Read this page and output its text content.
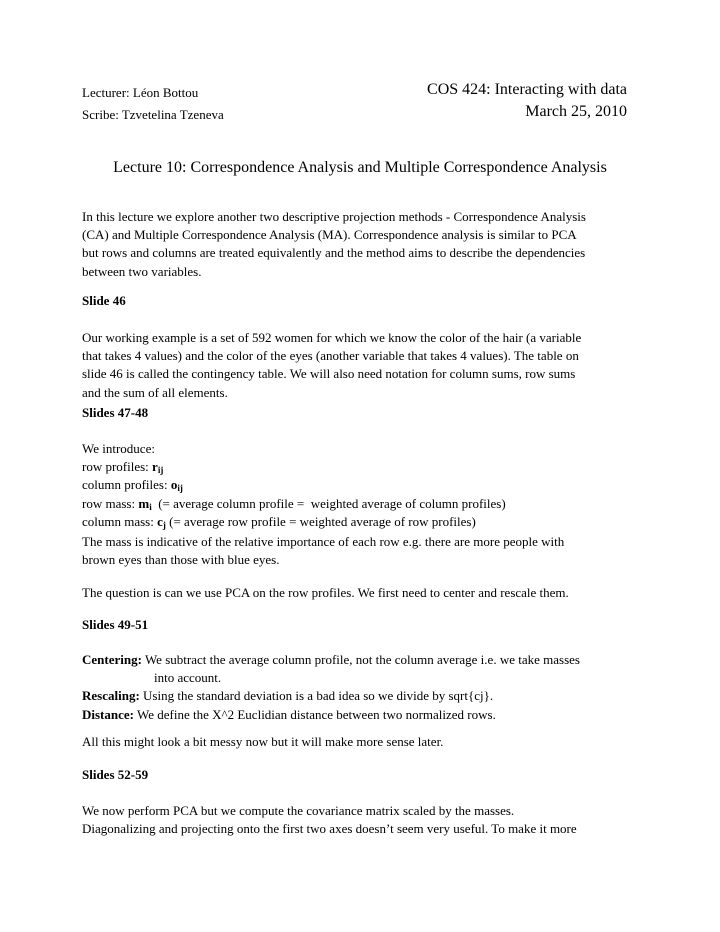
Lecturer: Léon Bottou	COS 424: Interacting with data
Scribe: Tzvetelina Tzeneva	March 25, 2010
Lecture 10: Correspondence Analysis and Multiple Correspondence Analysis
In this lecture we explore another two descriptive projection methods - Correspondence Analysis
(CA) and Multiple Correspondence Analysis (MA). Correspondence analysis is similar to PCA
but rows and columns are treated equivalently and the method aims to describe the dependencies
between two variables.
Slide 46
Our working example is a set of 592 women for which we know the color of the hair (a variable
that takes 4 values) and the color of the eyes (another variable that takes 4 values). The table on
slide 46 is called the contingency table. We will also need notation for column sums, row sums
and the sum of all elements.
Slides 47-48
We introduce:
row profiles: $r_{ij}$
column profiles: $o_{ij}$
row mass: $m_i$  (= average column profile =  weighted average of column profiles)
column mass: $c_j$ (= average row profile = weighted average of row profiles)
The mass is indicative of the relative importance of each row e.g. there are more people with
brown eyes than those with blue eyes.
The question is can we use PCA on the row profiles. We first need to center and rescale them.
Slides 49-51
Centering: We subtract the average column profile, not the column average i.e. we take masses
into account.
Rescaling: Using the standard deviation is a bad idea so we divide by sqrt{cj}.
Distance: We define the X^2 Euclidian distance between two normalized rows.
All this might look a bit messy now but it will make more sense later.
Slides 52-59
We now perform PCA but we compute the covariance matrix scaled by the masses.
Diagonalizing and projecting onto the first two axes doesn’t seem very useful. To make it more
